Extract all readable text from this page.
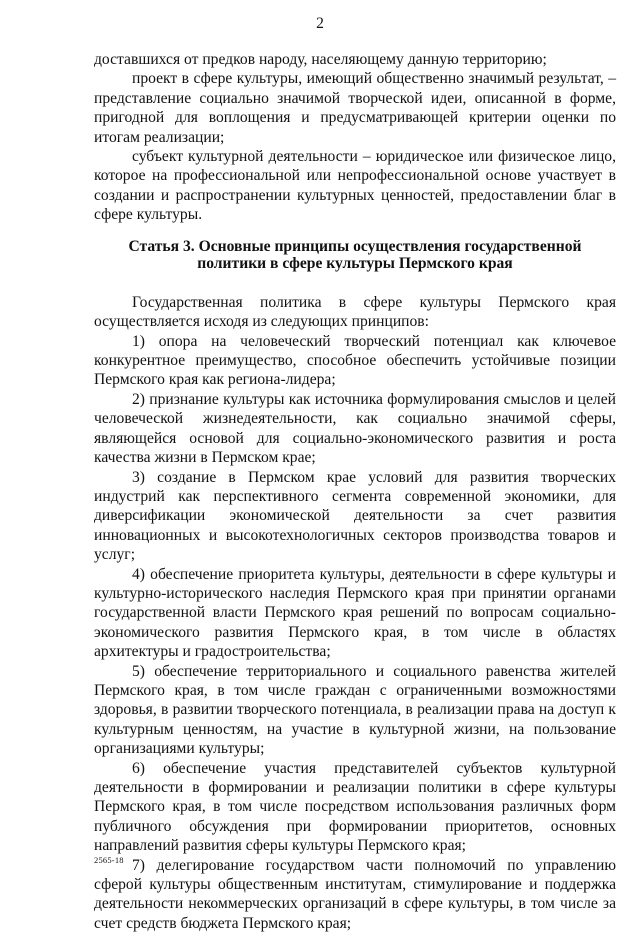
2

доставшихся от предков народу, населяющему данную территорию;

проект в сфере культуры, имеющий общественно значимый результат, – представление социально значимой творческой идеи, описанной в форме, пригодной для воплощения и предусматривающей критерии оценки по итогам реализации;

субъект культурной деятельности – юридическое или физическое лицо, которое на профессиональной или непрофессиональной основе участвует в создании и распространении культурных ценностей, предоставлении благ в сфере культуры.

Статья 3. Основные принципы осуществления государственной политики в сфере культуры Пермского края

Государственная политика в сфере культуры Пермского края осуществляется исходя из следующих принципов:

1) опора на человеческий творческий потенциал как ключевое конкурентное преимущество, способное обеспечить устойчивые позиции Пермского края как региона-лидера;

2) признание культуры как источника формулирования смыслов и целей человеческой жизнедеятельности, как социально значимой сферы, являющейся основой для социально-экономического развития и роста качества жизни в Пермском крае;

3) создание в Пермском крае условий для развития творческих индустрий как перспективного сегмента современной экономики, для диверсификации экономической деятельности за счет развития инновационных и высокотехнологичных секторов производства товаров и услуг;

4) обеспечение приоритета культуры, деятельности в сфере культуры и культурно-исторического наследия Пермского края при принятии органами государственной власти Пермского края решений по вопросам социально-экономического развития Пермского края, в том числе в областях архитектуры и градостроительства;

5) обеспечение территориального и социального равенства жителей Пермского края, в том числе граждан с ограниченными возможностями здоровья, в развитии творческого потенциала, в реализации права на доступ к культурным ценностям, на участие в культурной жизни, на пользование организациями культуры;

6) обеспечение участия представителей субъектов культурной деятельности в формировании и реализации политики в сфере культуры Пермского края, в том числе посредством использования различных форм публичного обсуждения при формировании приоритетов, основных направлений развития сферы культуры Пермского края;

7) делегирование государством части полномочий по управлению сферой культуры общественным институтам, стимулирование и поддержка деятельности некоммерческих организаций в сфере культуры, в том числе за счет средств бюджета Пермского края;

2565-18
